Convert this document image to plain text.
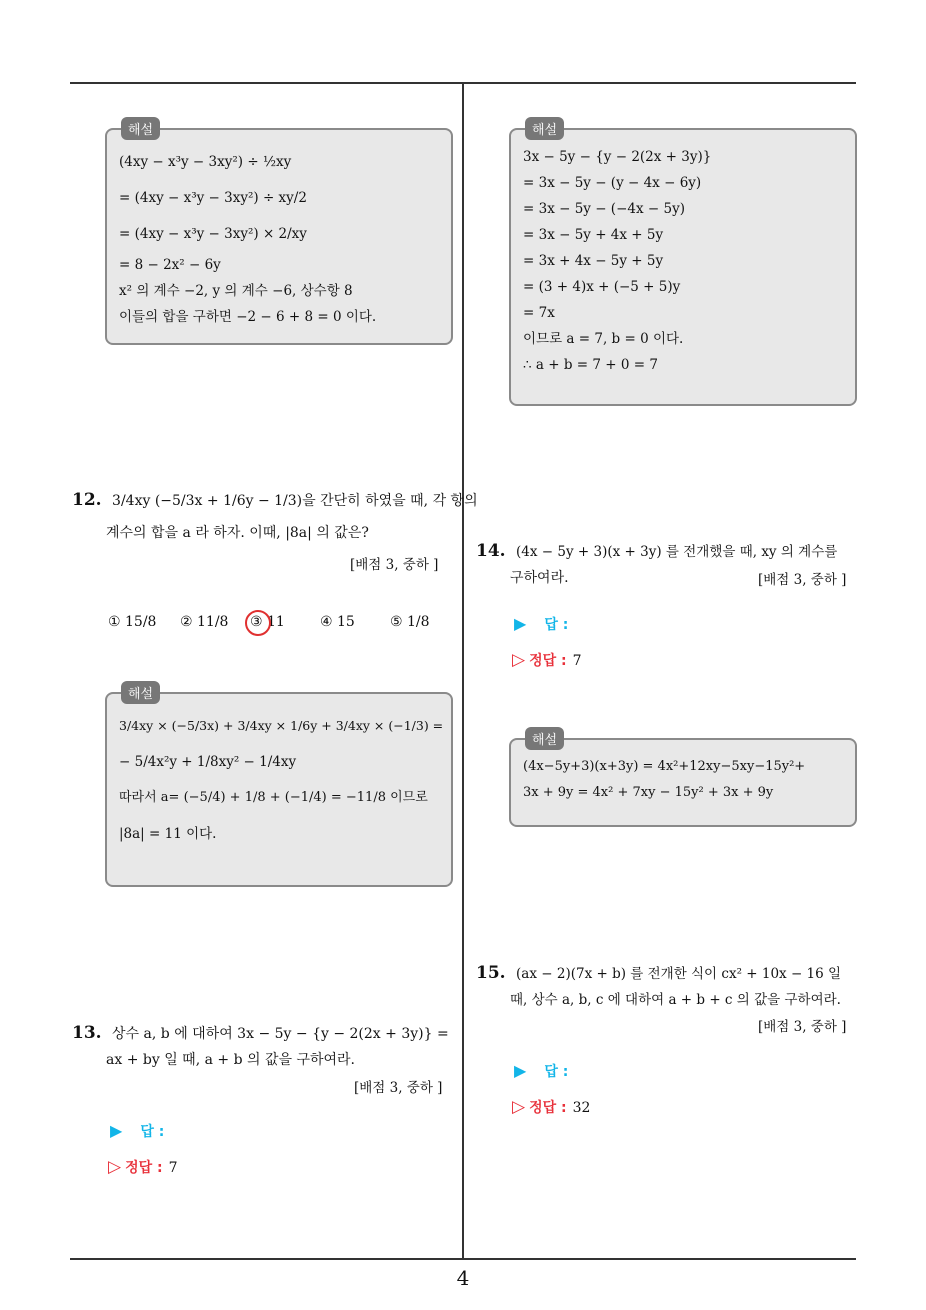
4
해설
(4xy − x³y − 3xy²) ÷ ½xy
= (4xy − x³y − 3xy²) ÷ xy/2
= (4xy − x³y − 3xy²) × 2/xy
= 8 − 2x² − 6y
x² 의 계수 −2, y 의 계수 −6, 상수항 8
이들의 합을 구하면 −2 − 6 + 8 = 0 이다.
해설
3x − 5y − {y − 2(2x + 3y)}
= 3x − 5y − (y − 4x − 6y)
= 3x − 5y − (−4x − 5y)
= 3x − 5y + 4x + 5y
= 3x + 4x − 5y + 5y
= (3 + 4)x + (−5 + 5)y
= 7x
이므로 a = 7, b = 0 이다.
∴ a + b = 7 + 0 = 7
12. 3/4xy (−5/3x + 1/6y − 1/3)을 간단히 하였을 때, 각 항의
계수의 합을 a 라 하자. 이때, |8a| 의 값은?
[배점 3, 중하 ]
① 15/8 ② 11/8 ③ 11	④ 15	⑤ 1/8
해설
3/4xy × (−5/3x) + 3/4xy × 1/6y + 3/4xy × (−1/3) =
− 5/4x²y + 1/8xy² − 1/4xy
따라서 a= (−5/4) + 1/8 + (−1/4) = −11/8 이므로
|8a| = 11 이다.
13. 상수 a, b 에 대하여 3x − 5y − {y − 2(2x + 3y)} =
ax + by 일 때, a + b 의 값을 구하여라.
[배점 3, 중하 ]
▶ 답 :
▷ 정답 : 7
14. (4x − 5y + 3)(x + 3y) 를 전개했을 때, xy 의 계수를
구하여라.	[배점 3, 중하 ]
▶ 답 :
▷ 정답 : 7
해설
(4x−5y+3)(x+3y) = 4x²+12xy−5xy−15y²+
3x + 9y = 4x² + 7xy − 15y² + 3x + 9y
15. (ax − 2)(7x + b) 를 전개한 식이 cx² + 10x − 16 일
때, 상수 a, b, c 에 대하여 a + b + c 의 값을 구하여라.
[배점 3, 중하 ]
▶ 답 :
▷ 정답 : 32
